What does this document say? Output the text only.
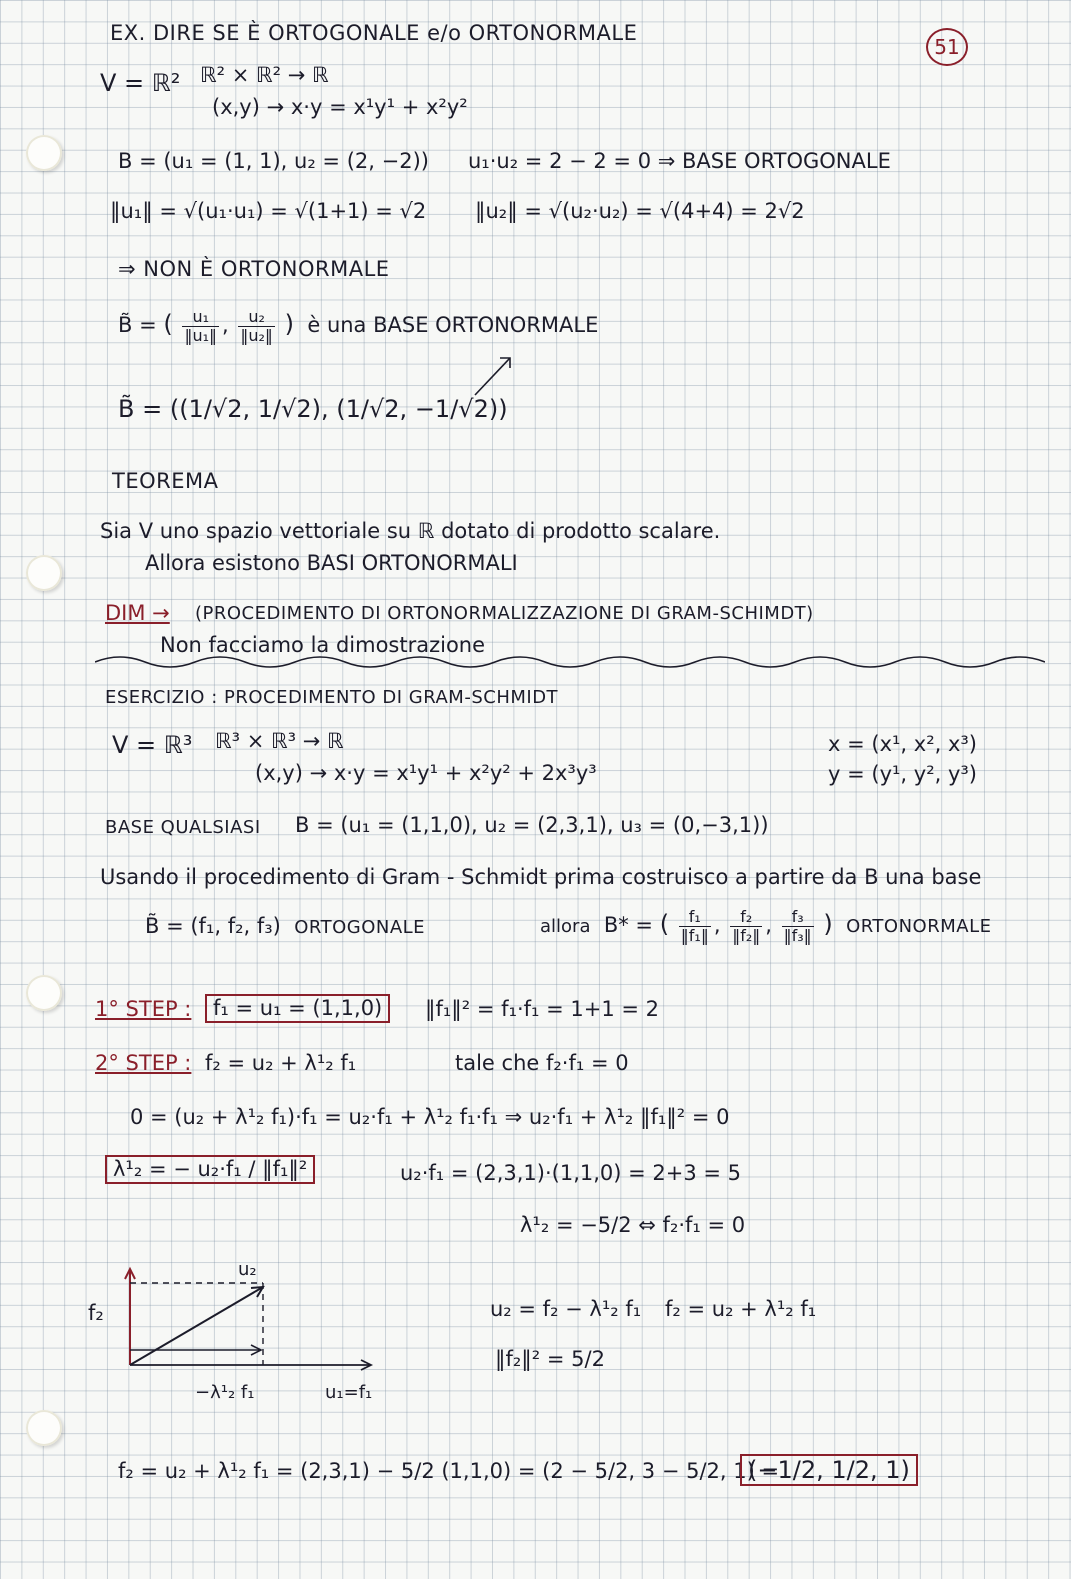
51
EX. DIRE SE È ORTOGONALE e/o ORTONORMALE
V = ℝ² ℝ² × ℝ² → ℝ
(x,y) → x·y = x¹y¹ + x²y²
B = (u₁ = (1, 1), u₂ = (2, −2)) u₁·u₂ = 2 − 2 = 0 ⇒ BASE ORTOGONALE
‖u₁‖ = √(u₁·u₁) = √(1+1) = √2 ‖u₂‖ = √(u₂·u₂) = √(4+4) = 2√2
⇒ NON È ORTONORMALE
B̃ = ( $\frac{\text{u₁}}{\text{‖u₁‖}}$ , $\frac{\text{u₂}}{\text{‖u₂‖}}$ ) è una BASE ORTONORMALE
B̃ = ((1/√2, 1/√2), (1/√2, −1/√2))
TEOREMA
Sia V uno spazio vettoriale su ℝ dotato di prodotto scalare.
Allora esistono BASI ORTONORMALI
DIM → (PROCEDIMENTO DI ORTONORMALIZZAZIONE DI GRAM-SCHIMDT)
Non facciamo la dimostrazione
ESERCIZIO : PROCEDIMENTO DI GRAM-SCHMIDT
V = ℝ³ ℝ³ × ℝ³ → ℝ
(x,y) → x·y = x¹y¹ + x²y² + 2x³y³
x = (x¹, x², x³)
y = (y¹, y², y³)
BASE QUALSIASI B = (u₁ = (1,1,0), u₂ = (2,3,1), u₃ = (0,−3,1))
Usando il procedimento di Gram - Schmidt prima costruisco a partire da B una base
B̃ = (f₁, f₂, f₃) ORTOGONALE	allora B* = ( $\frac{\text{f₁}}{\text{‖f₁‖}}$ , $\frac{\text{f₂}}{\text{‖f₂‖}}$ , $\frac{\text{f₃}}{\text{‖f₃‖}}$ ) ORTONORMALE
1° STEP :	f₁ = u₁ = (1,1,0)	‖f₁‖² = f₁·f₁ = 1+1 = 2
2° STEP : f₂ = u₂ + λ¹₂ f₁	tale che f₂·f₁ = 0
0 = (u₂ + λ¹₂ f₁)·f₁ = u₂·f₁ + λ¹₂ f₁·f₁ ⇒ u₂·f₁ + λ¹₂ ‖f₁‖² = 0
λ¹₂ = − u₂·f₁ / ‖f₁‖²	u₂·f₁ = (2,3,1)·(1,1,0) = 2+3 = 5
λ¹₂ = −5/2 ⇔ f₂·f₁ = 0
f₂
u₂
−λ¹₂ f₁	u₁=f₁
u₂ = f₂ − λ¹₂ f₁ f₂ = u₂ + λ¹₂ f₁
‖f₂‖² = 5/2
f₂ = u₂ + λ¹₂ f₁ = (2,3,1) − 5/2 (1,1,0) = (2 − 5/2, 3 − 5/2, 1) =
(−1/2, 1/2, 1)
